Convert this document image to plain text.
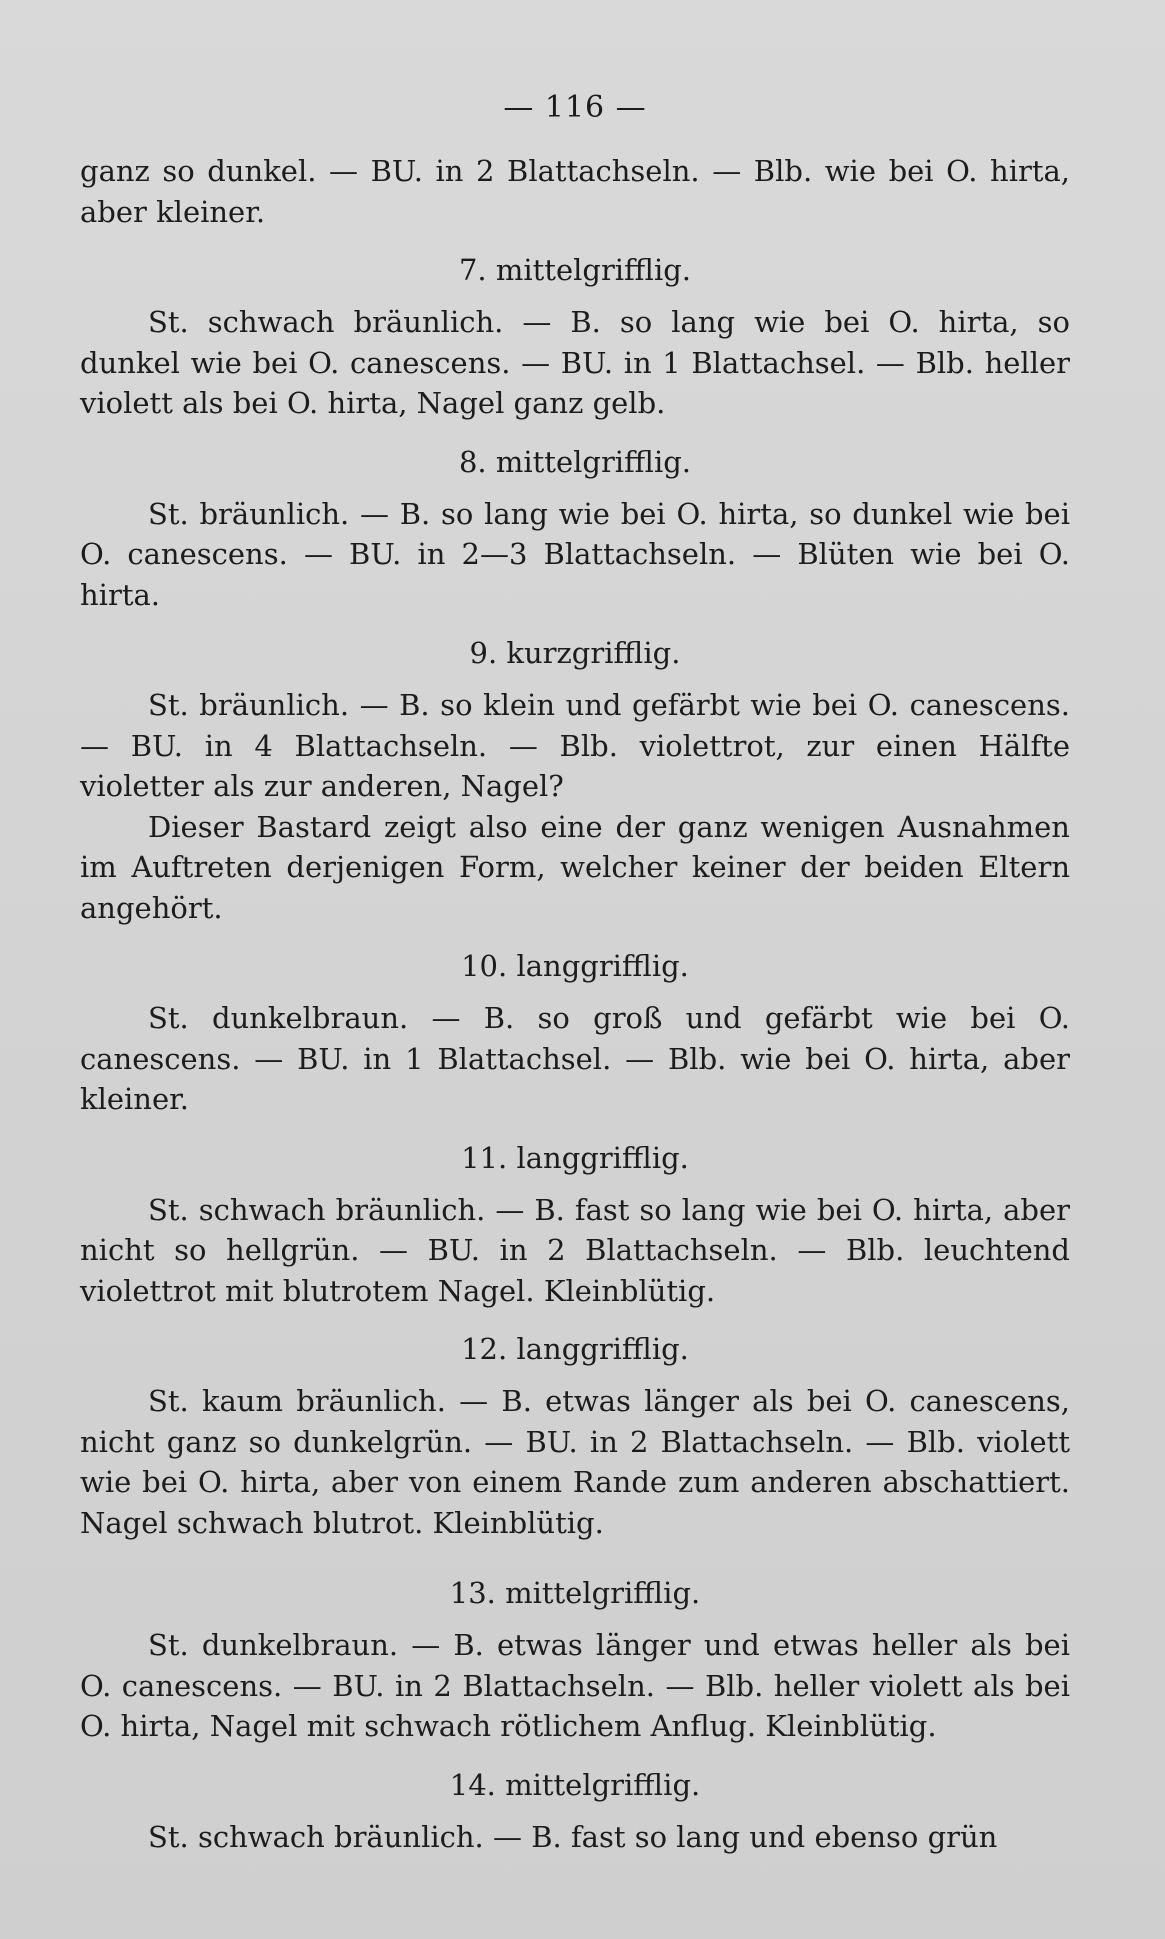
— 116 —

ganz so dunkel. — BU. in 2 Blattachseln. — Blb. wie bei O. hirta, aber kleiner.

7. mittelgrifflig.

St. schwach bräunlich. — B. so lang wie bei O. hirta, so dunkel wie bei O. canescens. — BU. in 1 Blattachsel. — Blb. heller violett als bei O. hirta, Nagel ganz gelb.

8. mittelgrifflig.

St. bräunlich. — B. so lang wie bei O. hirta, so dunkel wie bei O. canescens. — BU. in 2—3 Blattachseln. — Blüten wie bei O. hirta.

9. kurzgrifflig.

St. bräunlich. — B. so klein und gefärbt wie bei O. canescens. — BU. in 4 Blattachseln. — Blb. violettrot, zur einen Hälfte violetter als zur anderen, Nagel?

Dieser Bastard zeigt also eine der ganz wenigen Ausnahmen im Auftreten derjenigen Form, welcher keiner der beiden Eltern angehört.

10. langgrifflig.

St. dunkelbraun. — B. so groß und gefärbt wie bei O. canescens. — BU. in 1 Blattachsel. — Blb. wie bei O. hirta, aber kleiner.

11. langgrifflig.

St. schwach bräunlich. — B. fast so lang wie bei O. hirta, aber nicht so hellgrün. — BU. in 2 Blattachseln. — Blb. leuchtend violettrot mit blutrotem Nagel. Kleinblütig.

12. langgrifflig.

St. kaum bräunlich. — B. etwas länger als bei O. canescens, nicht ganz so dunkelgrün. — BU. in 2 Blattachseln. — Blb. violett wie bei O. hirta, aber von einem Rande zum anderen abschattiert. Nagel schwach blutrot. Kleinblütig.

13. mittelgrifflig.

St. dunkelbraun. — B. etwas länger und etwas heller als bei O. canescens. — BU. in 2 Blattachseln. — Blb. heller violett als bei O. hirta, Nagel mit schwach rötlichem Anflug. Kleinblütig.

14. mittelgrifflig.

St. schwach bräunlich. — B. fast so lang und ebenso grün
